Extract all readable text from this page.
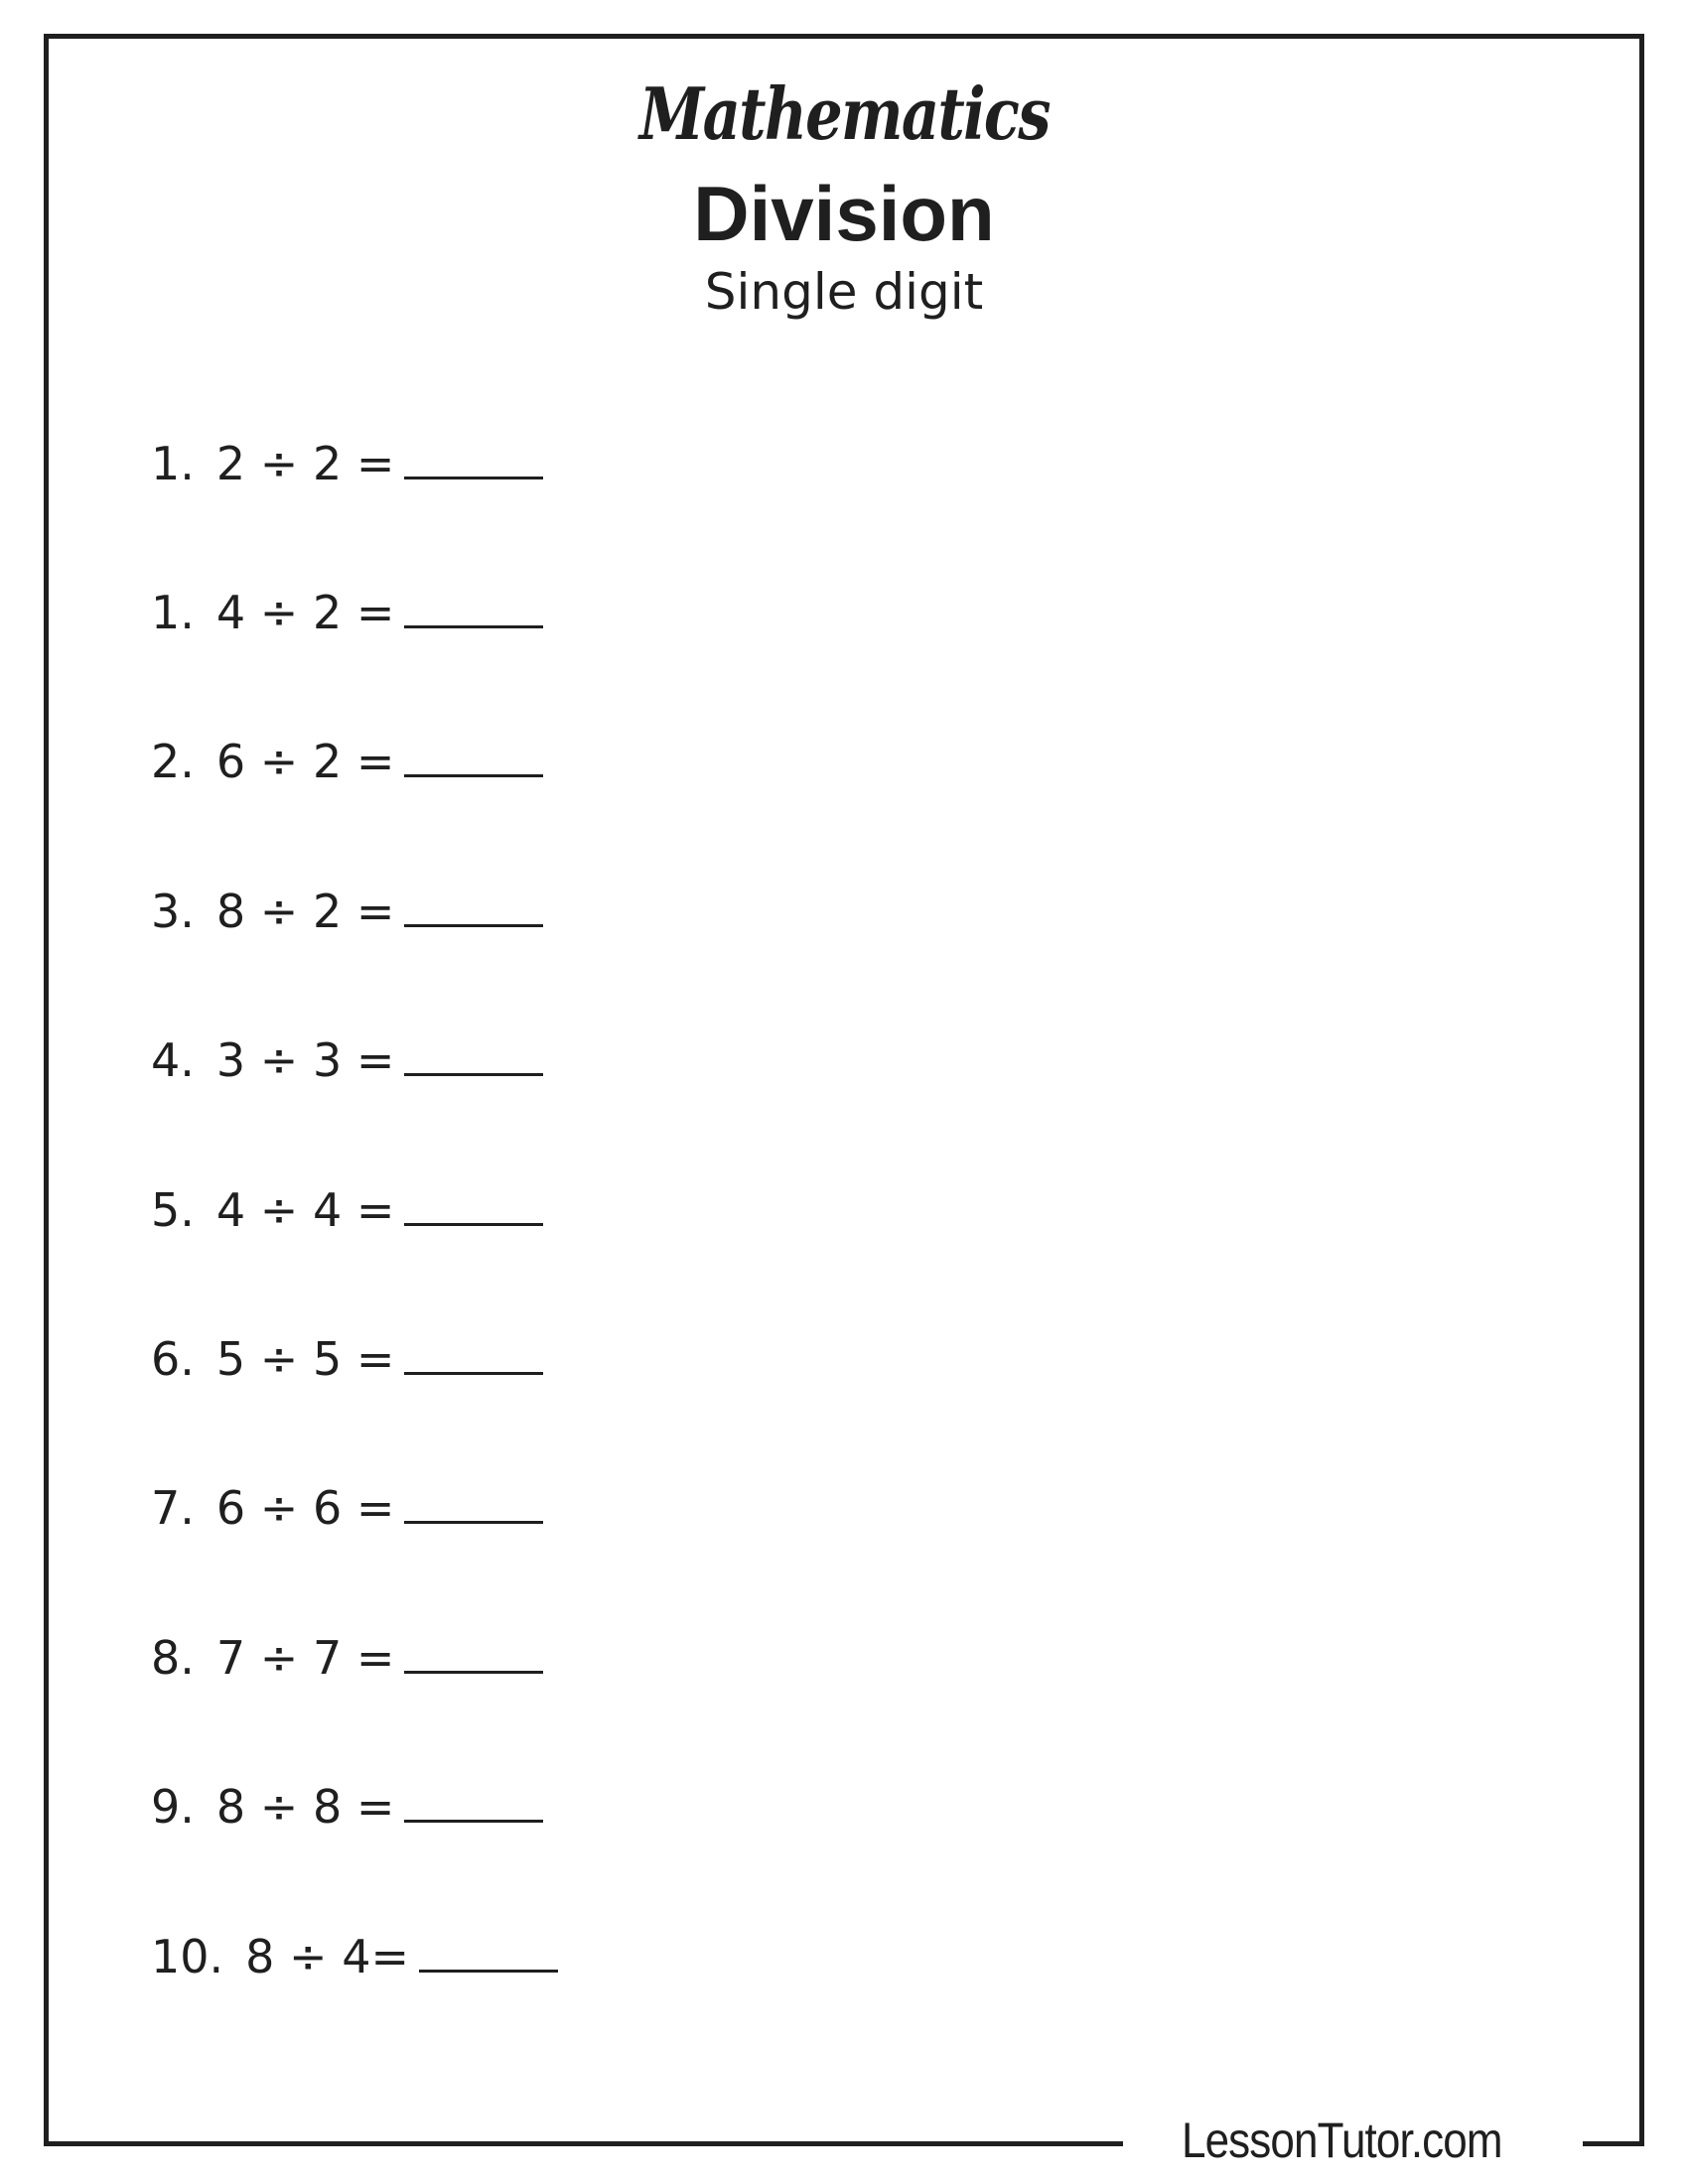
Mathematics
Division
Single digit
1. 2 ÷ 2 =
1. 4 ÷ 2 =
2. 6 ÷ 2 =
3. 8 ÷ 2 =
4. 3 ÷ 3 =
5. 4 ÷ 4 =
6. 5 ÷ 5 =
7. 6 ÷ 6 =
8. 7 ÷ 7 =
9. 8 ÷ 8 =
10. 8 ÷ 4=
LessonTutor.com
